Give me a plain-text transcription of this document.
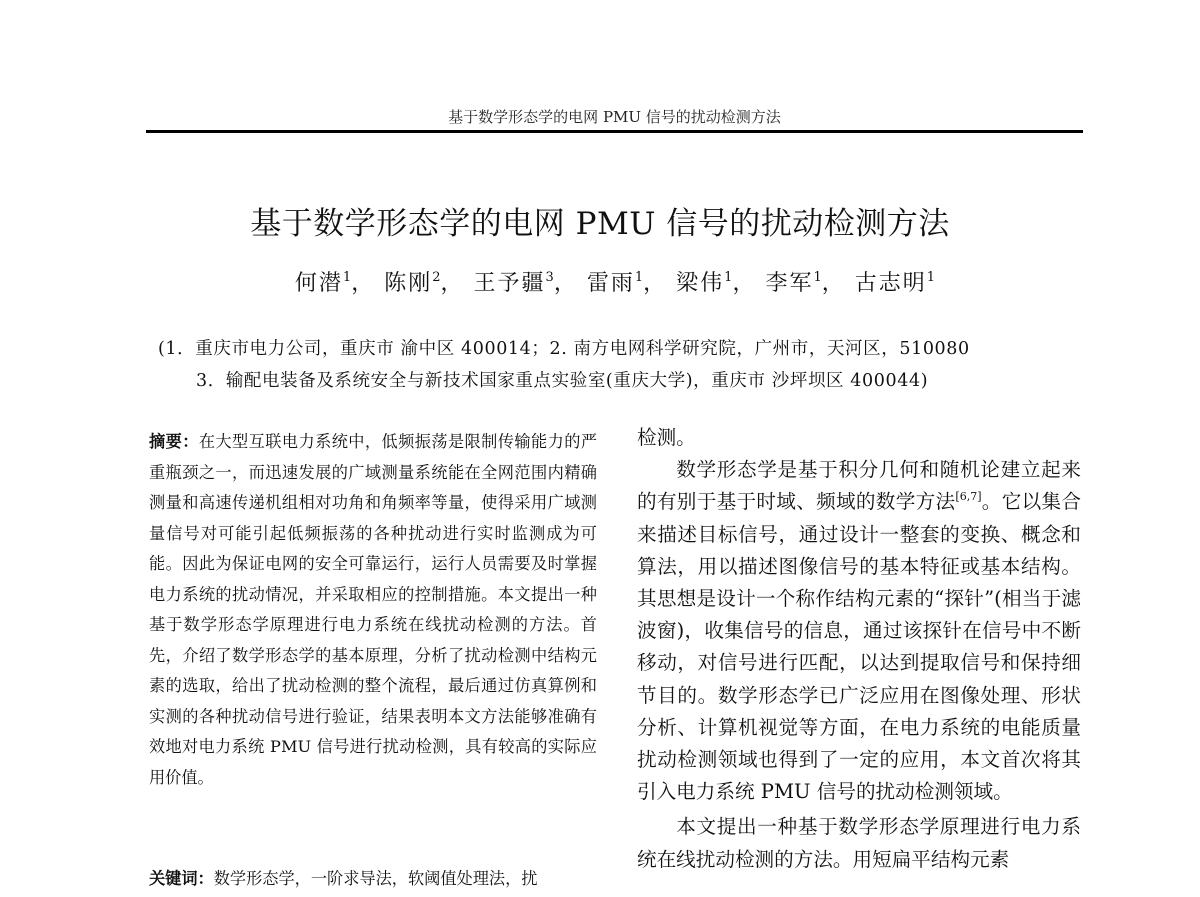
基于数学形态学的电网 PMU 信号的扰动检测方法
基于数学形态学的电网 PMU 信号的扰动检测方法
何潜$^1$， 陈刚$^2$， 王予疆$^3$， 雷雨$^1$， 梁伟$^1$， 李军$^1$， 古志明$^1$
(1．重庆市电力公司，重庆市 渝中区 400014；2. 南方电网科学研究院，广州市，天河区，510080
3．输配电装备及系统安全与新技术国家重点实验室(重庆大学)，重庆市 沙坪坝区 400044)
摘要：在大型互联电力系统中，低频振荡是限制传输能力的严重瓶颈之一，而迅速发展的广域测量系统能在全网范围内精确测量和高速传递机组相对功角和角频率等量，使得采用广域测量信号对可能引起低频振荡的各种扰动进行实时监测成为可能。因此为保证电网的安全可靠运行，运行人员需要及时掌握电力系统的扰动情况，并采取相应的控制措施。本文提出一种基于数学形态学原理进行电力系统在线扰动检测的方法。首先，介绍了数学形态学的基本原理，分析了扰动检测中结构元素的选取，给出了扰动检测的整个流程，最后通过仿真算例和实测的各种扰动信号进行验证，结果表明本文方法能够准确有效地对电力系统 PMU 信号进行扰动检测，具有较高的实际应用价值。
关键词：数学形态学，一阶求导法，软阈值处理法，扰

检测。

数学形态学是基于积分几何和随机论建立起来的有别于基于时域、频域的数学方法[6,7]。它以集合来描述目标信号，通过设计一整套的变换、概念和算法，用以描述图像信号的基本特征或基本结构。其思想是设计一个称作结构元素的“探针”(相当于滤波窗)，收集信号的信息，通过该探针在信号中不断移动，对信号进行匹配，以达到提取信号和保持细节目的。数学形态学已广泛应用在图像处理、形状分析、计算机视觉等方面，在电力系统的电能质量扰动检测领域也得到了一定的应用，本文首次将其引入电力系统 PMU 信号的扰动检测领域。

本文提出一种基于数学形态学原理进行电力系统在线扰动检测的方法。用短扁平结构元素
